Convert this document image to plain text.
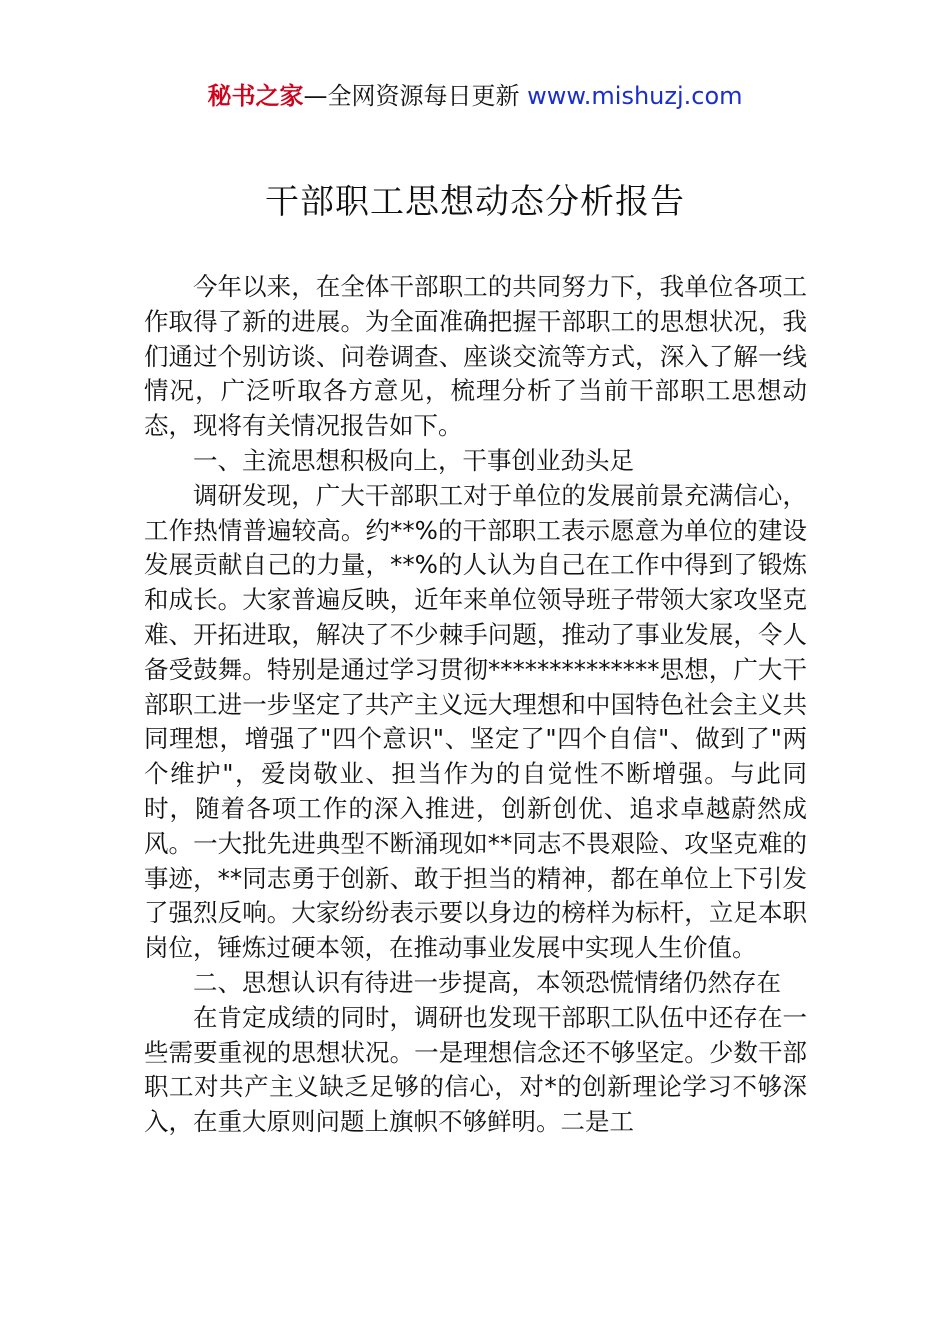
秘书之家—全网资源每日更新 www.mishuzj.com
干部职工思想动态分析报告

今年以来，在全体干部职工的共同努力下，我单位各项工作取得了新的进展。为全面准确把握干部职工的思想状况，我们通过个别访谈、问卷调查、座谈交流等方式，深入了解一线情况，广泛听取各方意见，梳理分析了当前干部职工思想动态，现将有关情况报告如下。

一、主流思想积极向上，干事创业劲头足

调研发现，广大干部职工对于单位的发展前景充满信心，工作热情普遍较高。约**%的干部职工表示愿意为单位的建设发展贡献自己的力量，**%的人认为自己在工作中得到了锻炼和成长。大家普遍反映，近年来单位领导班子带领大家攻坚克难、开拓进取，解决了不少棘手问题，推动了事业发展，令人备受鼓舞。特别是通过学习贯彻**************思想，广大干部职工进一步坚定了共产主义远大理想和中国特色社会主义共同理想，增强了"四个意识"、坚定了"四个自信"、做到了"两个维护"，爱岗敬业、担当作为的自觉性不断增强。与此同时，随着各项工作的深入推进，创新创优、追求卓越蔚然成风。一大批先进典型不断涌现如**同志不畏艰险、攻坚克难的事迹，**同志勇于创新、敢于担当的精神，都在单位上下引发了强烈反响。大家纷纷表示要以身边的榜样为标杆，立足本职岗位，锤炼过硬本领，在推动事业发展中实现人生价值。

二、思想认识有待进一步提高，本领恐慌情绪仍然存在

在肯定成绩的同时，调研也发现干部职工队伍中还存在一些需要重视的思想状况。一是理想信念还不够坚定。少数干部职工对共产主义缺乏足够的信心，对*的创新理论学习不够深入，在重大原则问题上旗帜不够鲜明。二是工
